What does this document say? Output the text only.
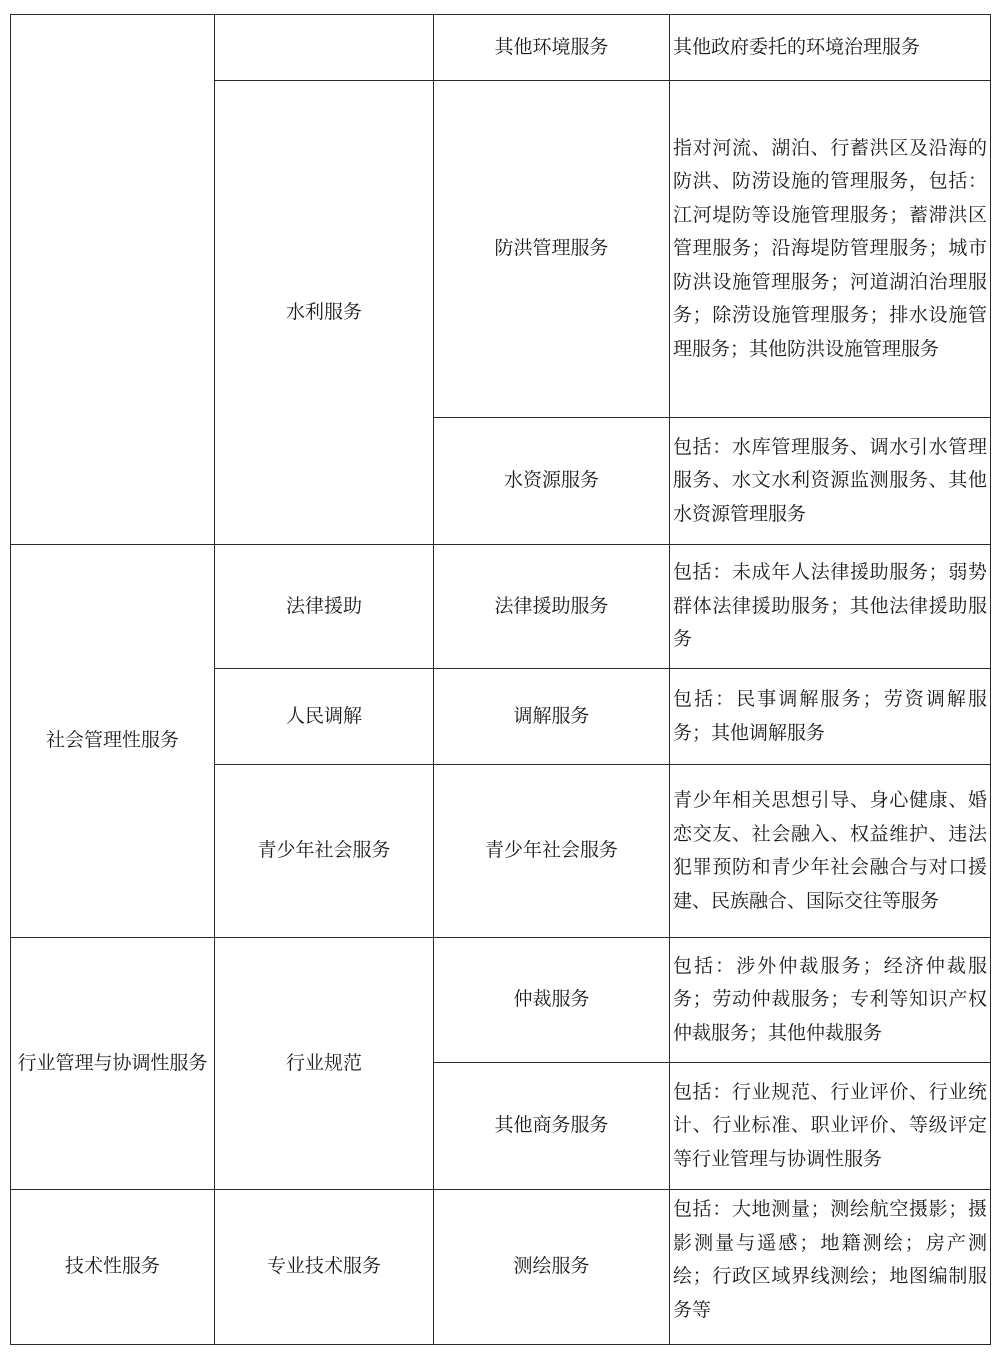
		其他环境服务	其他政府委托的环境治理服务
	水利服务	防洪管理服务	指对河流、湖泊、行蓄洪区及沿海的防洪、防涝设施的管理服务，包括：江河堤防等设施管理服务；蓄滞洪区管理服务；沿海堤防管理服务；城市防洪设施管理服务；河道湖泊治理服务；除涝设施管理服务；排水设施管理服务；其他防洪设施管理服务
		水资源服务	包括：水库管理服务、调水引水管理服务、水文水利资源监测服务、其他水资源管理服务
社会管理性服务	法律援助	法律援助服务	包括：未成年人法律援助服务；弱势群体法律援助服务；其他法律援助服务
	人民调解	调解服务	包括：民事调解服务；劳资调解服务；其他调解服务
	青少年社会服务	青少年社会服务	青少年相关思想引导、身心健康、婚恋交友、社会融入、权益维护、违法犯罪预防和青少年社会融合与对口援建、民族融合、国际交往等服务
行业管理与协调性服务	行业规范	仲裁服务	包括：涉外仲裁服务；经济仲裁服务；劳动仲裁服务；专利等知识产权仲裁服务；其他仲裁服务
		其他商务服务	包括：行业规范、行业评价、行业统计、行业标准、职业评价、等级评定等行业管理与协调性服务
技术性服务	专业技术服务	测绘服务	包括：大地测量；测绘航空摄影；摄影测量与遥感；地籍测绘；房产测绘；行政区域界线测绘；地图编制服务等
